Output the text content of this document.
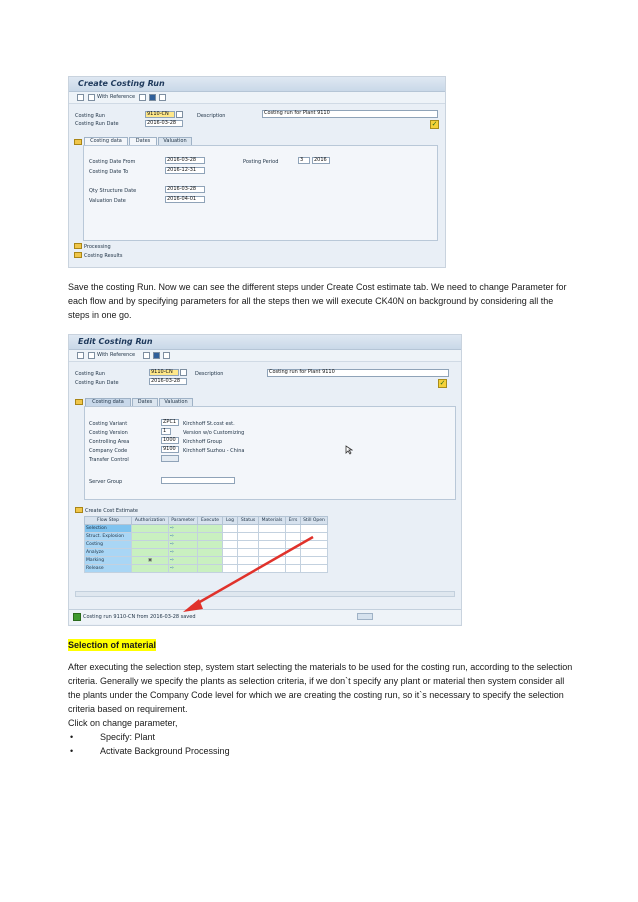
Create Costing Run
With Reference
Costing Run	9110-CN	Description	Costing run for Plant 9110
Costing Run Date	2016-03-28	✓
Costing data	Dates	Valuation
Costing Date From	2016-03-28
Costing Date To	2016-12-31
Posting Period	3	2016
Qty Structure Date	2016-03-28
Valuation Date	2016-04-01
Processing
Costing Results

Save the costing Run. Now we can see the different steps under Create Cost estimate tab. We need to change Parameter for each flow and by specifying parameters for all the steps then we will execute CK40N on background by considering all the steps in one go.

Edit Costing Run
With Reference
Costing Run	9110-CN	Description	Costing run for Plant 9110
Costing Run Date	2016-03-28	✓
Costing data	Dates	Valuation
Costing Variant	ZPC1	Kirchhoff St.cost est.
Costing Version	1	Version w/o Customizing
Controlling Area	1000	Kirchhoff Group
Company Code	9100	Kirchhoff Suzhou - China
Transfer Control
Server Group
Create Cost Estimate
Flow Step	Authorization	Parameter	Execute	Log	Status	Materials	Errs	Still Open
Selection		⇨						
Struct. Explosion		⇨						
Costing		⇨						
Analyze		⇨						
Marking	▣	⇨						
Release		⇨						
Costing run 9110-CN from 2016-03-28 saved
Selection of material

After executing the selection step, system start selecting the materials to be used for the costing run, according to the selection criteria. Generally we specify the plants as selection criteria, if we don`t specify any plant or material then system consider all the plants under the Company Code level for which we are creating the costing run, so it`s necessary to specify the selection criteria based on requirement.

Click on change parameter,

•	Specify: Plant
•	Activate Background Processing
